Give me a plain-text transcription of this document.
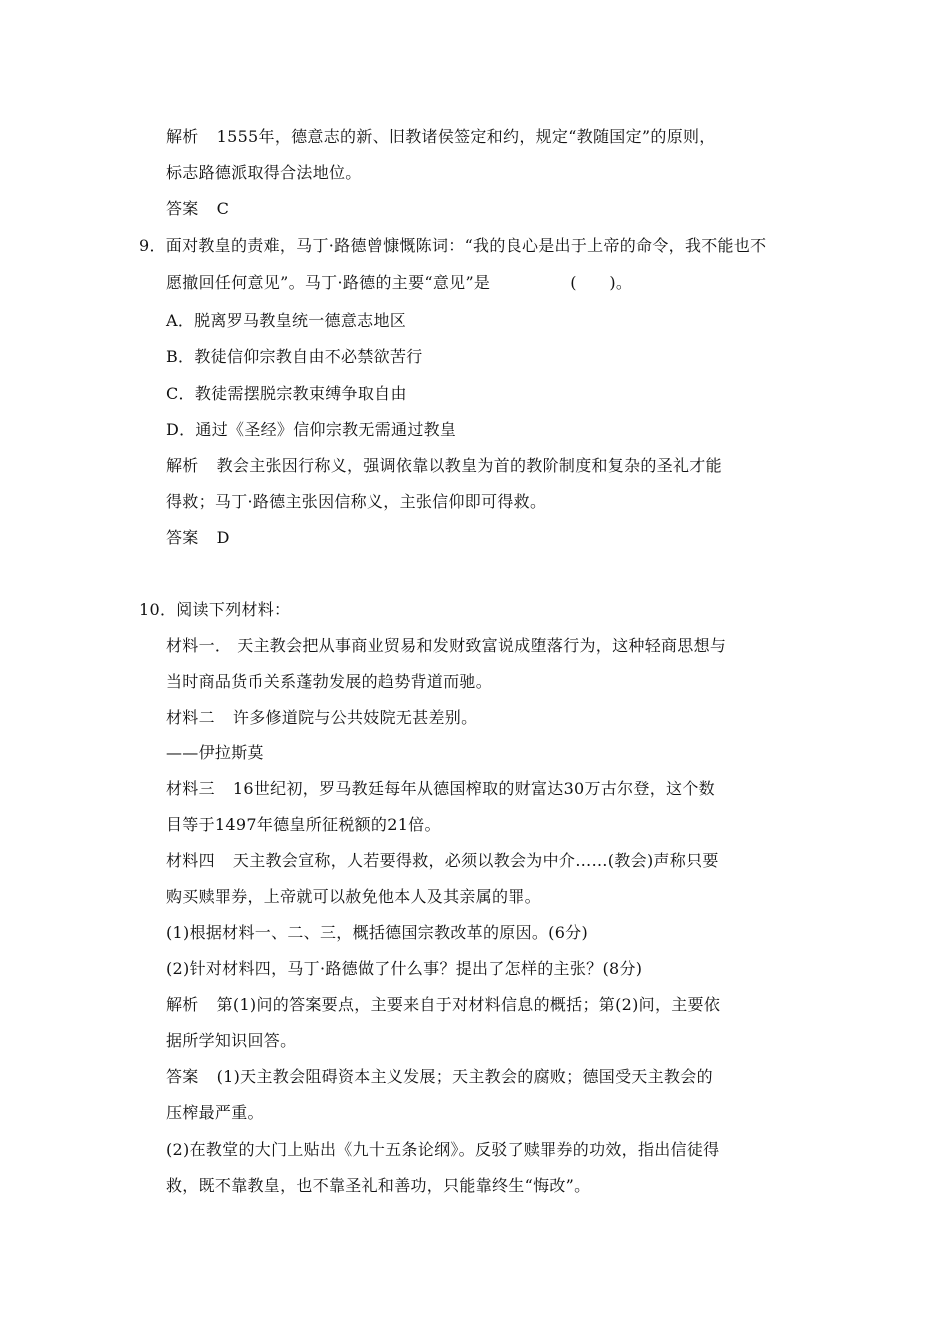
解析 1555年，德意志的新、旧教诸侯签定和约，规定“教随国定”的原则，
标志路德派取得合法地位。
答案 C
9．面对教皇的责难，马丁·路德曾慷慨陈词：“我的良心是出于上帝的命令，我不能也不
愿撤回任何意见”。马丁·路德的主要“意见”是	(　　)。
A．脱离罗马教皇统一德意志地区
B．教徒信仰宗教自由不必禁欲苦行
C．教徒需摆脱宗教束缚争取自由
D．通过《圣经》信仰宗教无需通过教皇
解析 教会主张因行称义，强调依靠以教皇为首的教阶制度和复杂的圣礼才能
得救；马丁·路德主张因信称义，主张信仰即可得救。
答案 D
10．阅读下列材料：
材料一． 天主教会把从事商业贸易和发财致富说成堕落行为，这种轻商思想与
当时商品货币关系蓬勃发展的趋势背道而驰。
材料二 许多修道院与公共妓院无甚差别。
——伊拉斯莫
材料三 16世纪初，罗马教廷每年从德国榨取的财富达30万古尔登，这个数
目等于1497年德皇所征税额的21倍。
材料四 天主教会宣称，人若要得救，必须以教会为中介……(教会)声称只要
购买赎罪券，上帝就可以赦免他本人及其亲属的罪。
(1)根据材料一、二、三，概括德国宗教改革的原因。(6分)
(2)针对材料四，马丁·路德做了什么事？提出了怎样的主张？(8分)
解析 第(1)问的答案要点，主要来自于对材料信息的概括；第(2)问，主要依
据所学知识回答。
答案 (1)天主教会阻碍资本主义发展；天主教会的腐败；德国受天主教会的
压榨最严重。
(2)在教堂的大门上贴出《九十五条论纲》。反驳了赎罪券的功效，指出信徒得
救，既不靠教皇，也不靠圣礼和善功，只能靠终生“悔改”。
